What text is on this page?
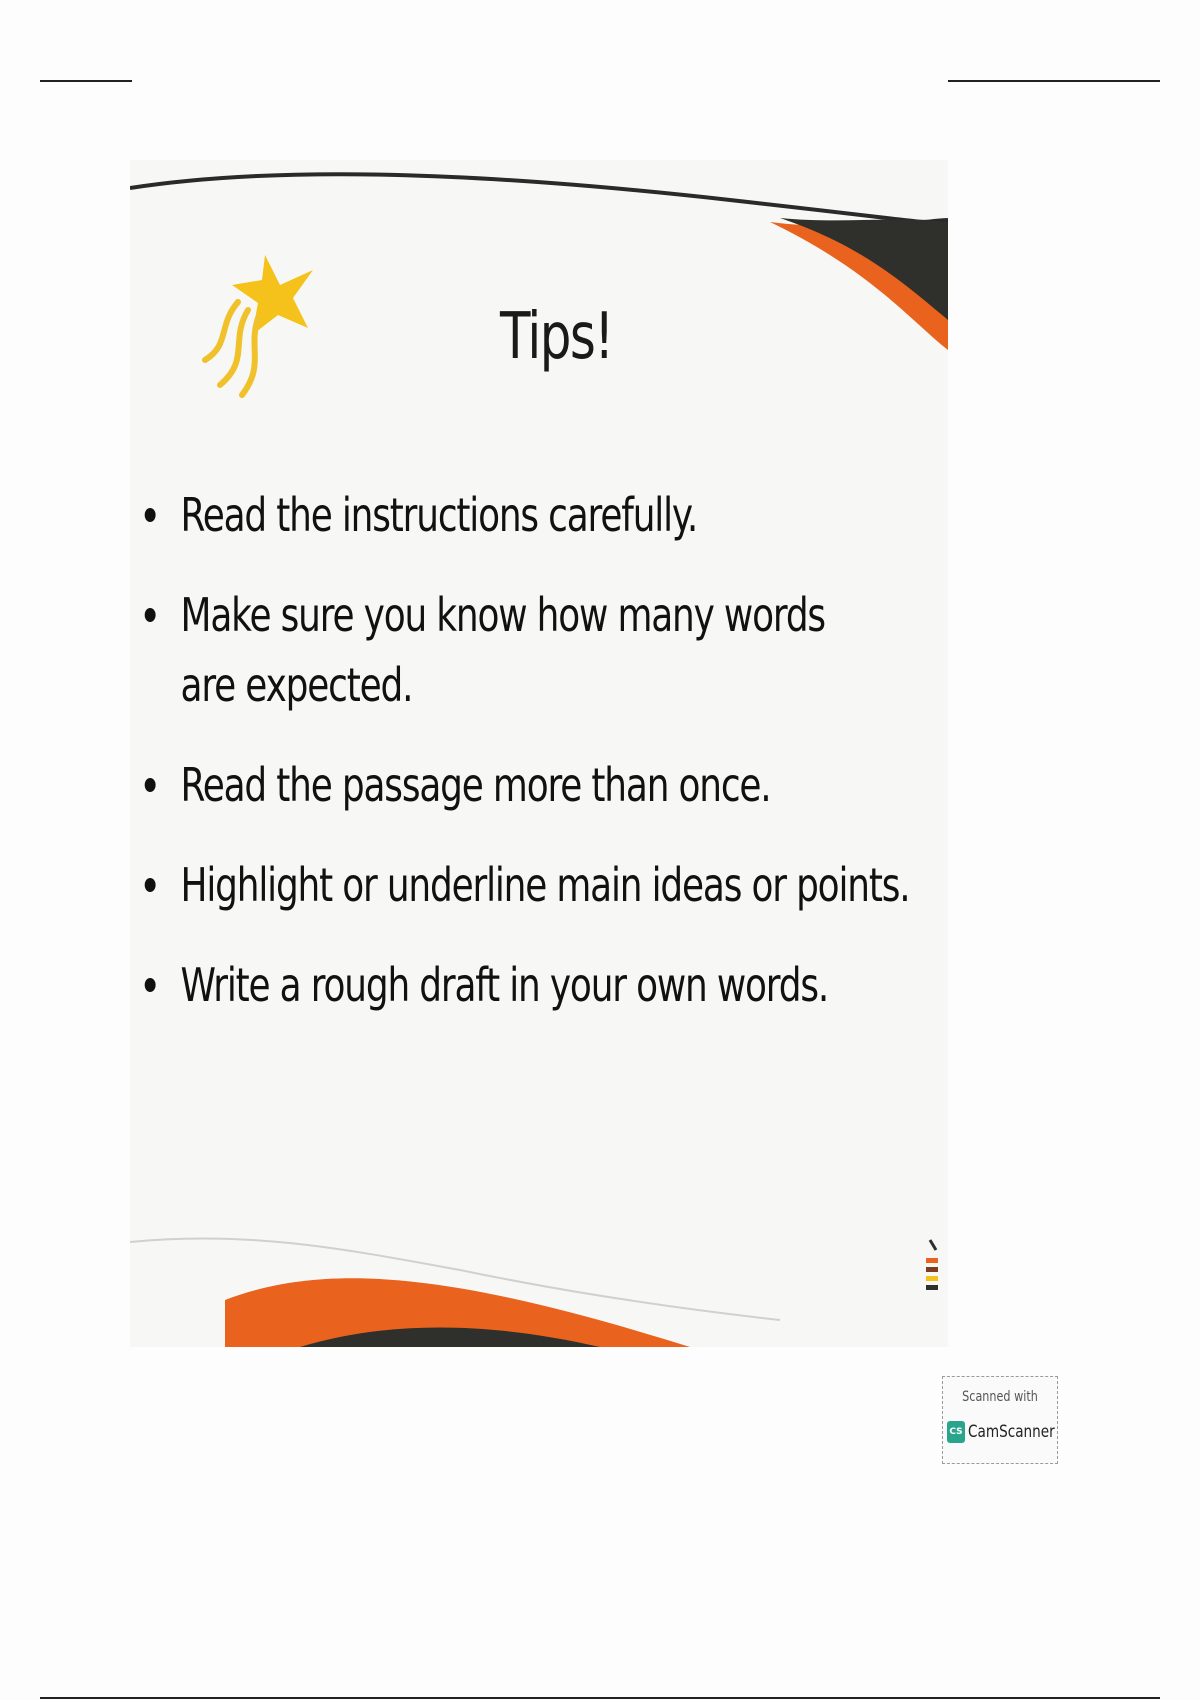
Tips!
Read the instructions carefully.
Make sure you know how many words are expected.
Read the passage more than once.
Highlight or underline main ideas or points.
Write a rough draft in your own words.
Scanned with
CS CamScanner
